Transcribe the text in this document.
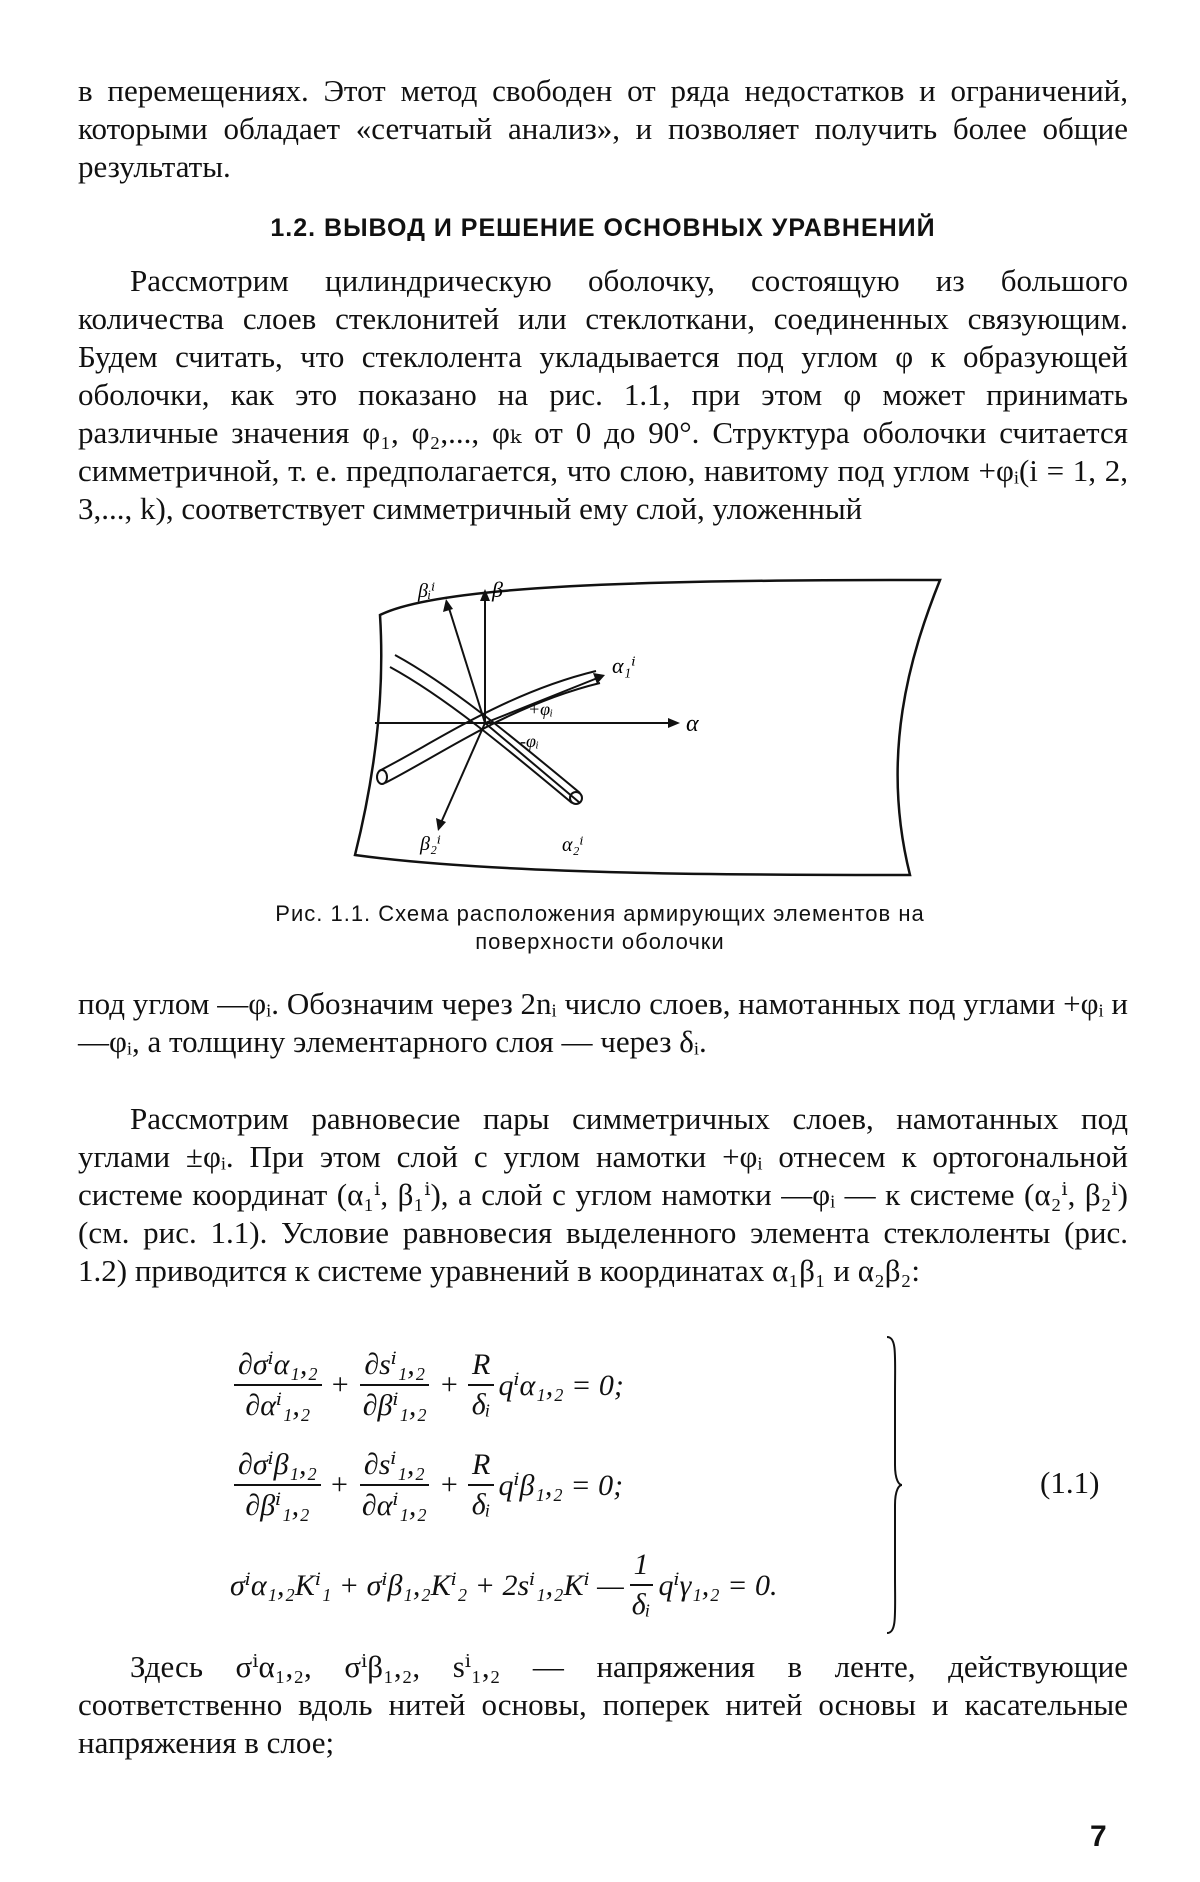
в перемещениях. Этот метод свободен от ряда недостатков и ограничений, которыми обладает «сетчатый анализ», и позволяет получить более общие результаты.
1.2. ВЫВОД И РЕШЕНИЕ ОСНОВНЫХ УРАВНЕНИЙ
Рассмотрим цилиндрическую оболочку, состоящую из большого количества слоев стеклонитей или стеклоткани, соединенных связующим. Будем считать, что стеклолента укладывается под углом φ к образующей оболочки, как это показано на рис. 1.1, при этом φ может принимать различные значения φ₁, φ₂,..., φₖ от 0 до 90°. Структура оболочки считается симметричной, т. е. предполагается, что слою, навитому под углом +φᵢ(i = 1, 2, 3,..., k), соответствует симметричный ему слой, уложенный
βᵢⁱ	β
α₁ⁱ
α
+φᵢ
-φᵢ
β₂ⁱ	α₂ⁱ
Рис. 1.1. Схема расположения армирующих элементов на поверхности оболочки
под углом —φᵢ. Обозначим через 2nᵢ число слоев, намотанных под углами +φᵢ и —φᵢ, а толщину элементарного слоя — через δᵢ.
Рассмотрим равновесие пары симметричных слоев, намотанных под углами ±φᵢ. При этом слой с углом намотки +φᵢ отнесем к ортогональной системе координат (α₁ⁱ, β₁ⁱ), а слой с углом намотки —φᵢ — к системе (α₂ⁱ, β₂ⁱ) (см. рис. 1.1). Условие равновесия выделенного элемента стеклоленты (рис. 1.2) приводится к системе уравнений в координатах α₁β₁ и α₂β₂:
$\frac{\text{∂σⁱα₁,₂}}{\text{∂αⁱ₁,₂}} + \frac{\text{∂sⁱ₁,₂}}{\text{∂βⁱ₁,₂}} + \frac{R}{\text{δᵢ}} q^i\alpha_1,_2 = 0$;
$\frac{\text{∂σⁱβ₁,₂}}{\text{∂βⁱ₁,₂}} + \frac{\text{∂sⁱ₁,₂}}{\text{∂αⁱ₁,₂}} + \frac{R}{\text{δᵢ}} q^i\beta_1,_2 = 0$;
σⁱα₁,₂Kⁱ₁ + σⁱβ₁,₂Kⁱ₂ + 2sⁱ₁,₂Kⁱ — $\frac{1}{\text{δᵢ}} q^i\gamma_1,_2 = 0$.
(1.1)
Здесь σⁱα₁,₂, σⁱβ₁,₂, sⁱ₁,₂ — напряжения в ленте, действующие соответственно вдоль нитей основы, поперек нитей основы и касательные напряжения в слое;
7
